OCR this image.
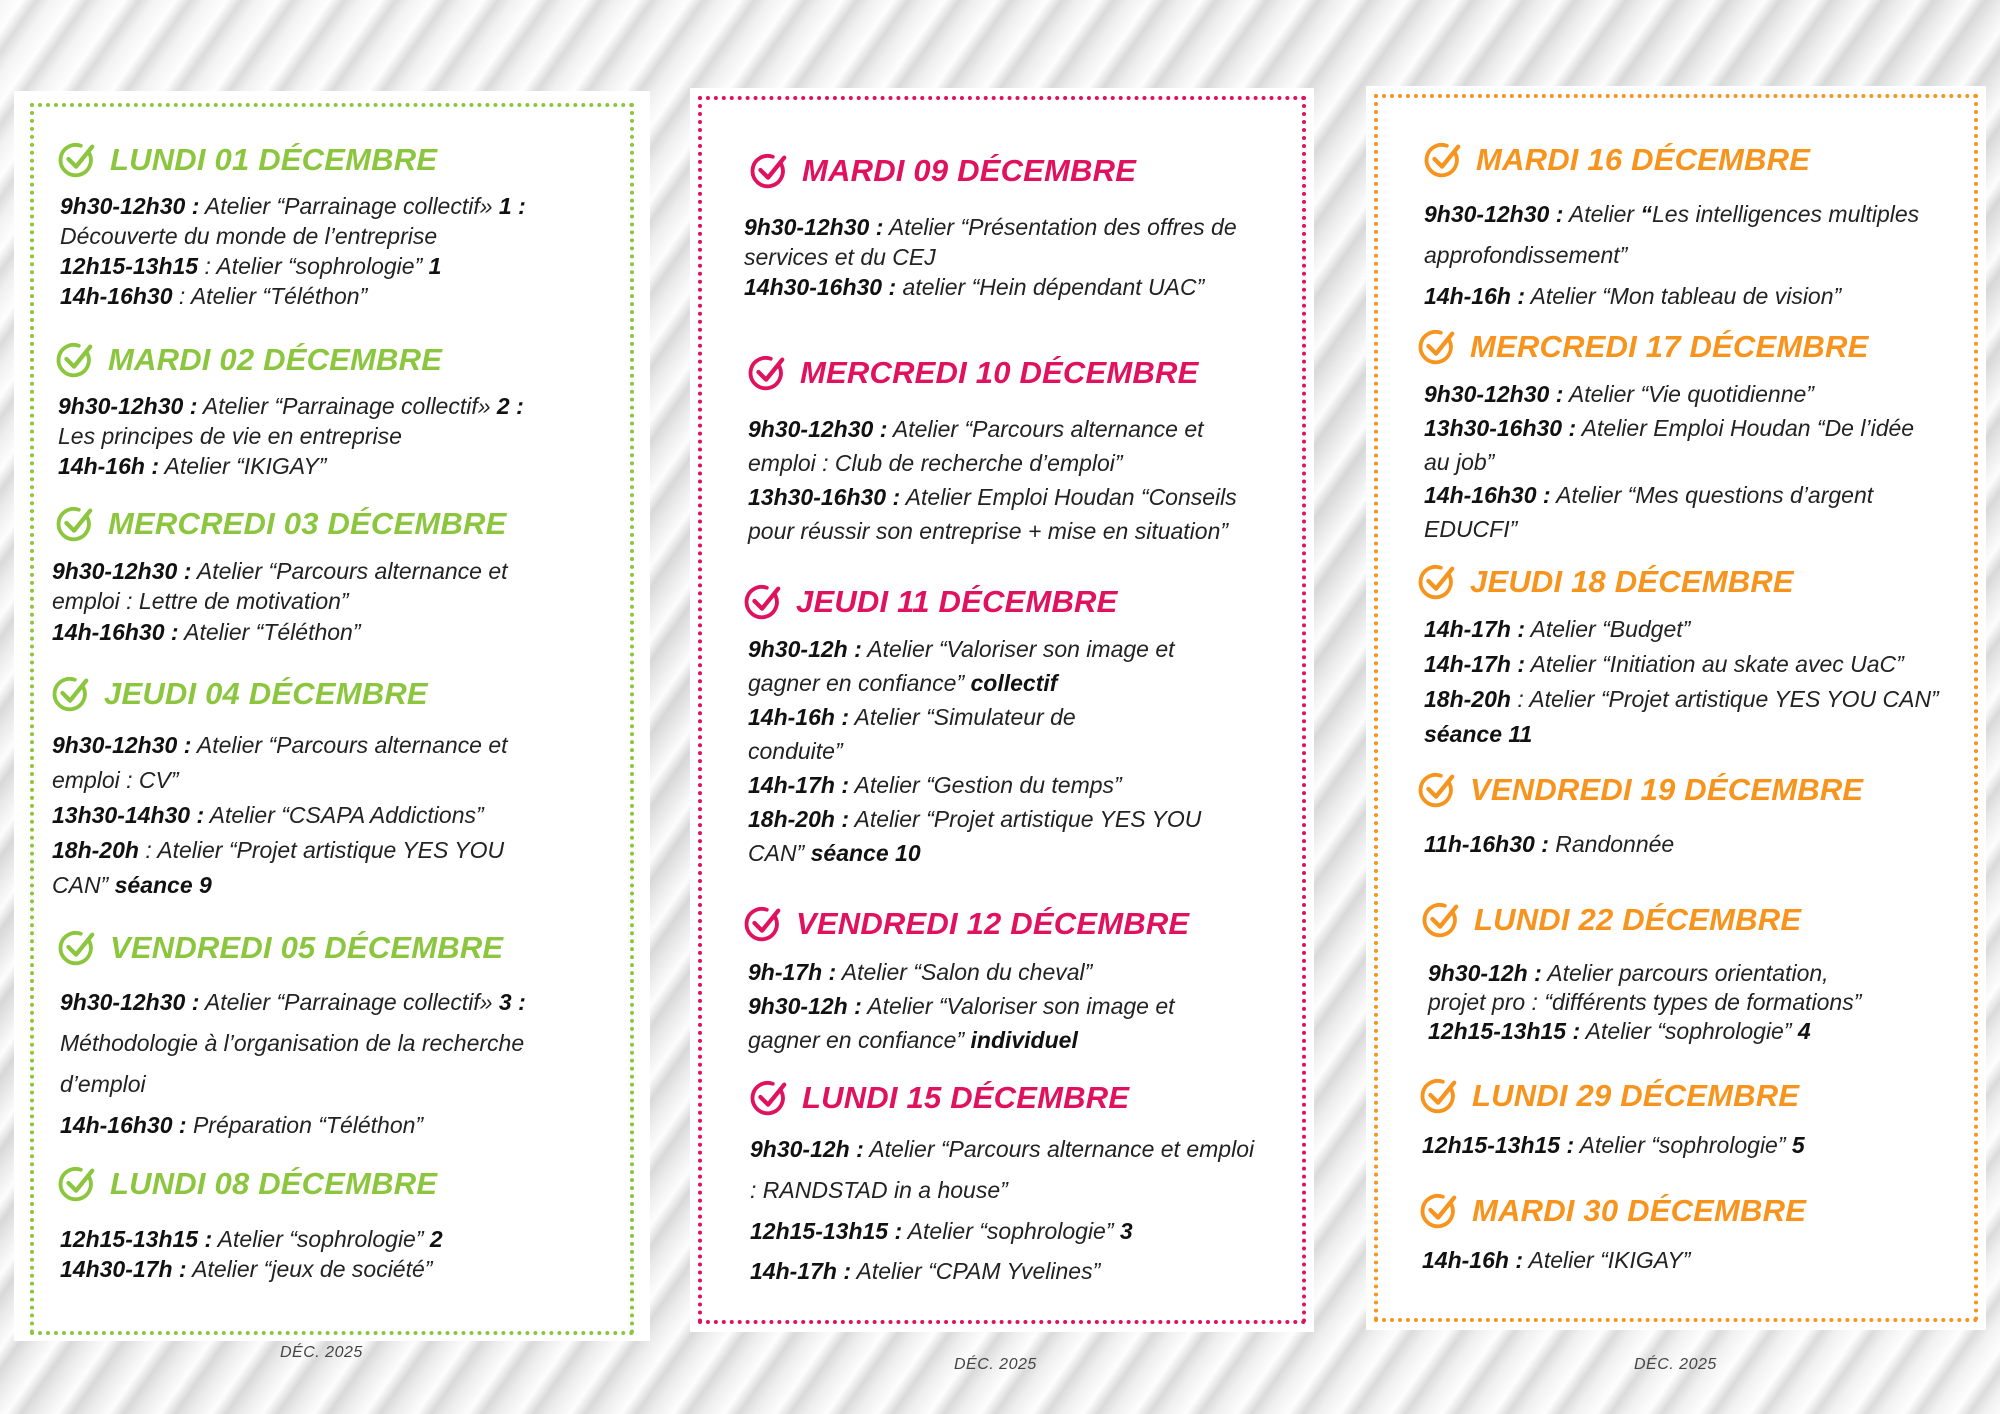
LUNDI 01 DÉCEMBRE
9h30-12h30 : Atelier “Parrainage collectif» 1 :
Découverte du monde de l’entreprise
12h15-13h15 : Atelier “sophrologie” 1
14h-16h30 : Atelier “Téléthon”
MARDI 02 DÉCEMBRE
9h30-12h30 : Atelier “Parrainage collectif» 2 :
Les principes de vie en entreprise
14h-16h : Atelier “IKIGAY”
MERCREDI 03 DÉCEMBRE
9h30-12h30 : Atelier “Parcours alternance et
emploi : Lettre de motivation”
14h-16h30 : Atelier “Téléthon”
JEUDI 04 DÉCEMBRE
9h30-12h30 : Atelier “Parcours alternance et
emploi : CV”
13h30-14h30 : Atelier “CSAPA Addictions”
18h-20h : Atelier “Projet artistique YES YOU
CAN” séance 9
VENDREDI 05 DÉCEMBRE
9h30-12h30 : Atelier “Parrainage collectif» 3 :
Méthodologie à l’organisation de la recherche
d’emploi
14h-16h30 : Préparation “Téléthon”
LUNDI 08 DÉCEMBRE
12h15-13h15 : Atelier “sophrologie” 2
14h30-17h : Atelier “jeux de société”
MARDI 09 DÉCEMBRE
9h30-12h30 : Atelier “Présentation des offres de
services et du CEJ
14h30-16h30 : atelier “Hein dépendant UAC”
MERCREDI 10 DÉCEMBRE
9h30-12h30 : Atelier “Parcours alternance et
emploi : Club de recherche d’emploi”
13h30-16h30 : Atelier Emploi Houdan “Conseils
pour réussir son entreprise + mise en situation”
JEUDI 11 DÉCEMBRE
9h30-12h : Atelier “Valoriser son image et
gagner en confiance” collectif
14h-16h : Atelier “Simulateur de
conduite”
14h-17h : Atelier “Gestion du temps”
18h-20h : Atelier “Projet artistique YES YOU
CAN” séance 10
VENDREDI 12 DÉCEMBRE
9h-17h : Atelier “Salon du cheval”
9h30-12h : Atelier “Valoriser son image et
gagner en confiance” individuel
LUNDI 15 DÉCEMBRE
9h30-12h : Atelier “Parcours alternance et emploi
: RANDSTAD in a house”
12h15-13h15 : Atelier “sophrologie” 3
14h-17h : Atelier “CPAM Yvelines”
MARDI 16 DÉCEMBRE
9h30-12h30 : Atelier “Les intelligences multiples
approfondissement”
14h-16h : Atelier “Mon tableau de vision”
MERCREDI 17 DÉCEMBRE
9h30-12h30 : Atelier “Vie quotidienne”
13h30-16h30 : Atelier Emploi Houdan “De l’idée
au job”
14h-16h30 : Atelier “Mes questions d’argent
EDUCFI”
JEUDI 18 DÉCEMBRE
14h-17h : Atelier “Budget”
14h-17h : Atelier “Initiation au skate avec UaC”
18h-20h : Atelier “Projet artistique YES YOU CAN”
séance 11
VENDREDI 19 DÉCEMBRE
11h-16h30 : Randonnée
LUNDI 22 DÉCEMBRE
9h30-12h : Atelier parcours orientation,
projet pro : “différents types de formations”
12h15-13h15 : Atelier “sophrologie” 4
LUNDI 29 DÉCEMBRE
12h15-13h15 : Atelier “sophrologie” 5
MARDI 30 DÉCEMBRE
14h-16h : Atelier “IKIGAY”
DÉC. 2025
DÉC. 2025	DÉC. 2025
